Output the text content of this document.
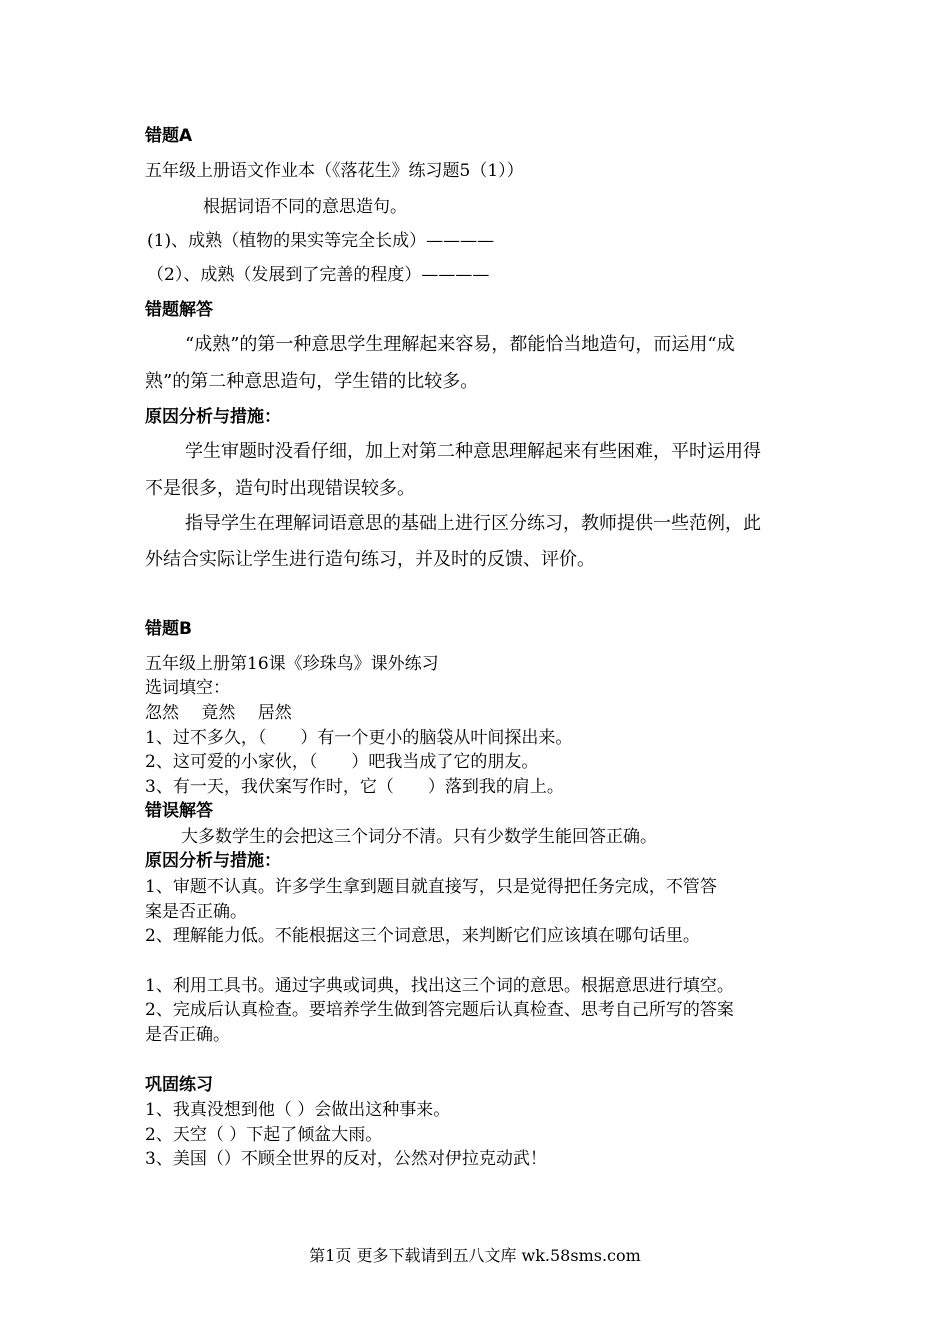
错题A
五年级上册语文作业本（《落花生》练习题5（1））
根据词语不同的意思造句。
(1)、成熟（植物的果实等完全长成）————
（2）、成熟（发展到了完善的程度）————
错题解答
“成熟”的第一种意思学生理解起来容易，都能恰当地造句，而运用“成
熟”的第二种意思造句，学生错的比较多。
原因分析与措施：
学生审题时没看仔细，加上对第二种意思理解起来有些困难，平时运用得
不是很多，造句时出现错误较多。
指导学生在理解词语意思的基础上进行区分练习，教师提供一些范例，此
外结合实际让学生进行造句练习，并及时的反馈、评价。
错题B
五年级上册第16课《珍珠鸟》课外练习
选词填空：
忽然　 竟然　 居然
1、过不多久，（　　）有一个更小的脑袋从叶间探出来。
2、这可爱的小家伙，（　　）吧我当成了它的朋友。
3、有一天，我伏案写作时，它（　　）落到我的肩上。
错误解答
大多数学生的会把这三个词分不清。只有少数学生能回答正确。
原因分析与措施：
1、审题不认真。许多学生拿到题目就直接写，只是觉得把任务完成，不管答
案是否正确。
2、理解能力低。不能根据这三个词意思，来判断它们应该填在哪句话里。
1、利用工具书。通过字典或词典，找出这三个词的意思。根据意思进行填空。
2、完成后认真检查。要培养学生做到答完题后认真检查、思考自己所写的答案
是否正确。
巩固练习
1、我真没想到他（ ）会做出这种事来。
2、天空（ ）下起了倾盆大雨。
3、美国（）不顾全世界的反对，公然对伊拉克动武！
第1页 更多下载请到五八文库 wk.58sms.com
